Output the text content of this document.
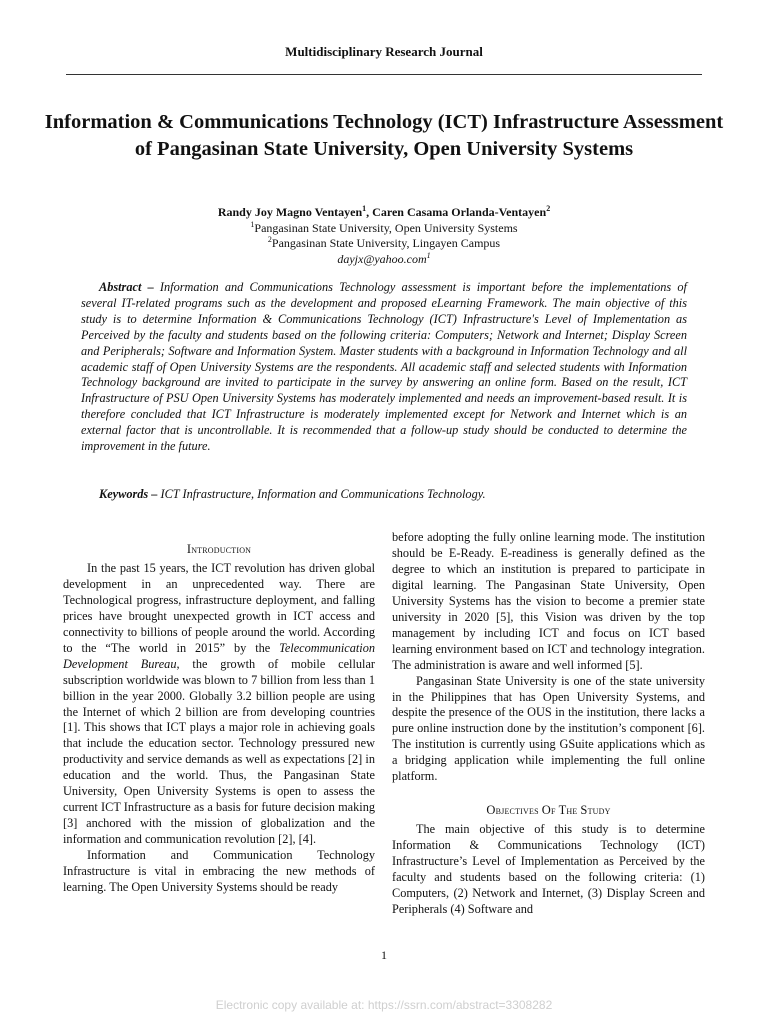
Multidisciplinary Research Journal
Information & Communications Technology (ICT) Infrastructure Assessment of Pangasinan State University, Open University Systems
Randy Joy Magno Ventayen$^1$, Caren Casama Orlanda-Ventayen$^2$
$^1$Pangasinan State University, Open University Systems
$^2$Pangasinan State University, Lingayen Campus
dayjx@yahoo.com$^1$

Abstract – Information and Communications Technology assessment is important before the implementations of several IT-related programs such as the development and proposed eLearning Framework. The main objective of this study is to determine Information & Communications Technology (ICT) Infrastructure's Level of Implementation as Perceived by the faculty and students based on the following criteria: Computers; Network and Internet; Display Screen and Peripherals; Software and Information System. Master students with a background in Information Technology and all academic staff of Open University Systems are the respondents. All academic staff and selected students with Information Technology background are invited to participate in the survey by answering an online form. Based on the result, ICT Infrastructure of PSU Open University Systems has moderately implemented and needs an improvement-based result. It is therefore concluded that ICT Infrastructure is moderately implemented except for Network and Internet which is an external factor that is uncontrollable. It is recommended that a follow-up study should be conducted to determine the improvement in the future.

Keywords – ICT Infrastructure, Information and Communications Technology.

Introduction

In the past 15 years, the ICT revolution has driven global development in an unprecedented way. There are Technological progress, infrastructure deployment, and falling prices have brought unexpected growth in ICT access and connectivity to billions of people around the world. According to the “The world in 2015” by the Telecommunication Development Bureau, the growth of mobile cellular subscription worldwide was blown to 7 billion from less than 1 billion in the year 2000. Globally 3.2 billion people are using the Internet of which 2 billion are from developing countries [1]. This shows that ICT plays a major role in achieving goals that include the education sector. Technology pressured new productivity and service demands as well as expectations [2] in education and the world. Thus, the Pangasinan State University, Open University Systems is open to assess the current ICT Infrastructure as a basis for future decision making [3] anchored with the mission of globalization and the information and communication revolution [2], [4].

Information and Communication Technology Infrastructure is vital in embracing the new methods of learning. The Open University Systems should be ready

before adopting the fully online learning mode. The institution should be E-Ready. E-readiness is generally defined as the degree to which an institution is prepared to participate in digital learning. The Pangasinan State University, Open University Systems has the vision to become a premier state university in 2020 [5], this Vision was driven by the top management by including ICT and focus on ICT based learning environment based on ICT and technology integration. The administration is aware and well informed [5].

Pangasinan State University is one of the state university in the Philippines that has Open University Systems, and despite the presence of the OUS in the institution, there lacks a pure online instruction done by the institution’s component [6]. The institution is currently using GSuite applications which as a bridging application while implementing the full online platform.

Objectives Of The Study

The main objective of this study is to determine Information & Communications Technology (ICT) Infrastructure’s Level of Implementation as Perceived by the faculty and students based on the following criteria: (1) Computers, (2) Network and Internet, (3) Display Screen and Peripherals (4) Software and

1
Electronic copy available at: https://ssrn.com/abstract=3308282
